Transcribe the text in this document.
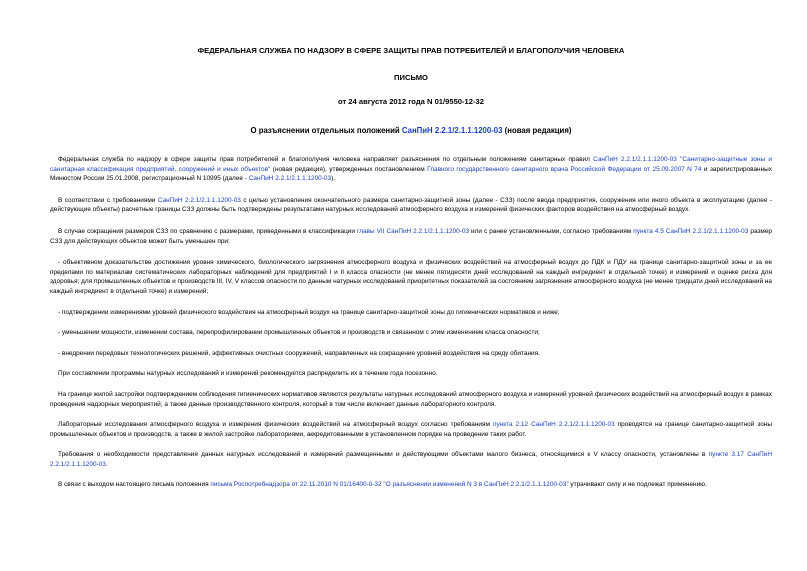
ФЕДЕРАЛЬНАЯ СЛУЖБА ПО НАДЗОРУ В СФЕРЕ ЗАЩИТЫ ПРАВ ПОТРЕБИТЕЛЕЙ И БЛАГОПОЛУЧИЯ ЧЕЛОВЕКА

ПИСЬМО

от 24 августа 2012 года N 01/9550-12-32

О разъяснении отдельных положений СанПиН 2.2.1/2.1.1.1200-03 (новая редакция)

Федеральная служба по надзору в сфере защиты прав потребителей и благополучия человека направляет разъяснения по отдельным положениям санитарных правил СанПиН 2.2.1/2.1.1.1200-03 "Санитарно-защитные зоны и санитарная классификация предприятий, сооружений и иных объектов" (новая редакция), утвержденных постановлением Главного государственного санитарного врача Российской Федерации от 25.09.2007 N 74 и зарегистрированных Минюстом России 25.01.2008, регистрационный N 10995 (далее - СанПиН 2.2.1/2.1.1.1200-03).

В соответствии с требованиями СанПиН 2.2.1/2.1.1.1200-03 с целью установления окончательного размера санитарно-защитной зоны (далее - СЗЗ) после ввода предприятия, сооружения или иного объекта в эксплуатацию (далее - действующие объекты) расчетные границы СЗЗ должны быть подтверждены результатами натурных исследований атмосферного воздуха и измерений физических факторов воздействия на атмосферный воздух.

В случае сокращения размеров СЗЗ по сравнению с размерами, приведенными в классификации главы VII СанПиН 2.2.1/2.1.1.1200-03 или с ранее установленными, согласно требованиям пункта 4.5 СанПиН 2.2.1/2.1.1.1200-03 размер СЗЗ для действующих объектов может быть уменьшен при:

- объективном доказательстве достижения уровня химического, биологического загрязнения атмосферного воздуха и физических воздействий на атмосферный воздух до ПДК и ПДУ на границе санитарно-защитной зоны и за ее пределами по материалам систематических лабораторных наблюдений для предприятий I и II класса опасности (не менее пятидесяти дней исследований на каждый ингредиент в отдельной точке) и измерений и оценке риска для здоровья; для промышленных объектов и производств III, IV, V классов опасности по данным натурных исследований приоритетных показателей за состоянием загрязнения атмосферного воздуха (не менее тридцати дней исследований на каждый ингредиент в отдельной точке) и измерений;

- подтверждении измерениями уровней физического воздействия на атмосферный воздух на границе санитарно-защитной зоны до гигиенических нормативов и ниже;

- уменьшении мощности, изменении состава, перепрофилировании промышленных объектов и производств и связанном с этим изменением класса опасности;

- внедрении передовых технологических решений, эффективных очистных сооружений, направленных на сокращение уровней воздействия на среду обитания.

При составлении программы натурных исследований и измерений рекомендуется распределить их в течение года посезонно.

На границе жилой застройки подтверждением соблюдения гигиенических нормативов являются результаты натурных исследований атмосферного воздуха и измерений уровней физических воздействий на атмосферный воздух в рамках проведения надзорных мероприятий; а также данные производственного контроля, который в том числе включает данные лабораторного контроля.

Лабораторные исследования атмосферного воздуха и измерения физических воздействий на атмосферный воздух согласно требованиям пункта 2.12 СанПиН 2.2.1/2.1.1.1200-03 проводятся на границе санитарно-защитной зоны промышленных объектов и производств, а также в жилой застройке лабораториями, аккредитованными в установленном порядке на проведение таких работ.

Требования о необходимости представления данных натурных исследований и измерений размещенными и действующими объектами малого бизнеса, относящимися к V классу опасности, установлены в пункте 3.17 СанПиН 2.2.1/2.1.1.1200-03.

В связи с выходом настоящего письма положения письма Роспотребнадзора от 22.11.2010 N 01/16400-0-32 "О разъяснении изменений N 3 в СанПиН 2.2.1/2.1.1.1200-03" утрачивают силу и не подлежат применению.
